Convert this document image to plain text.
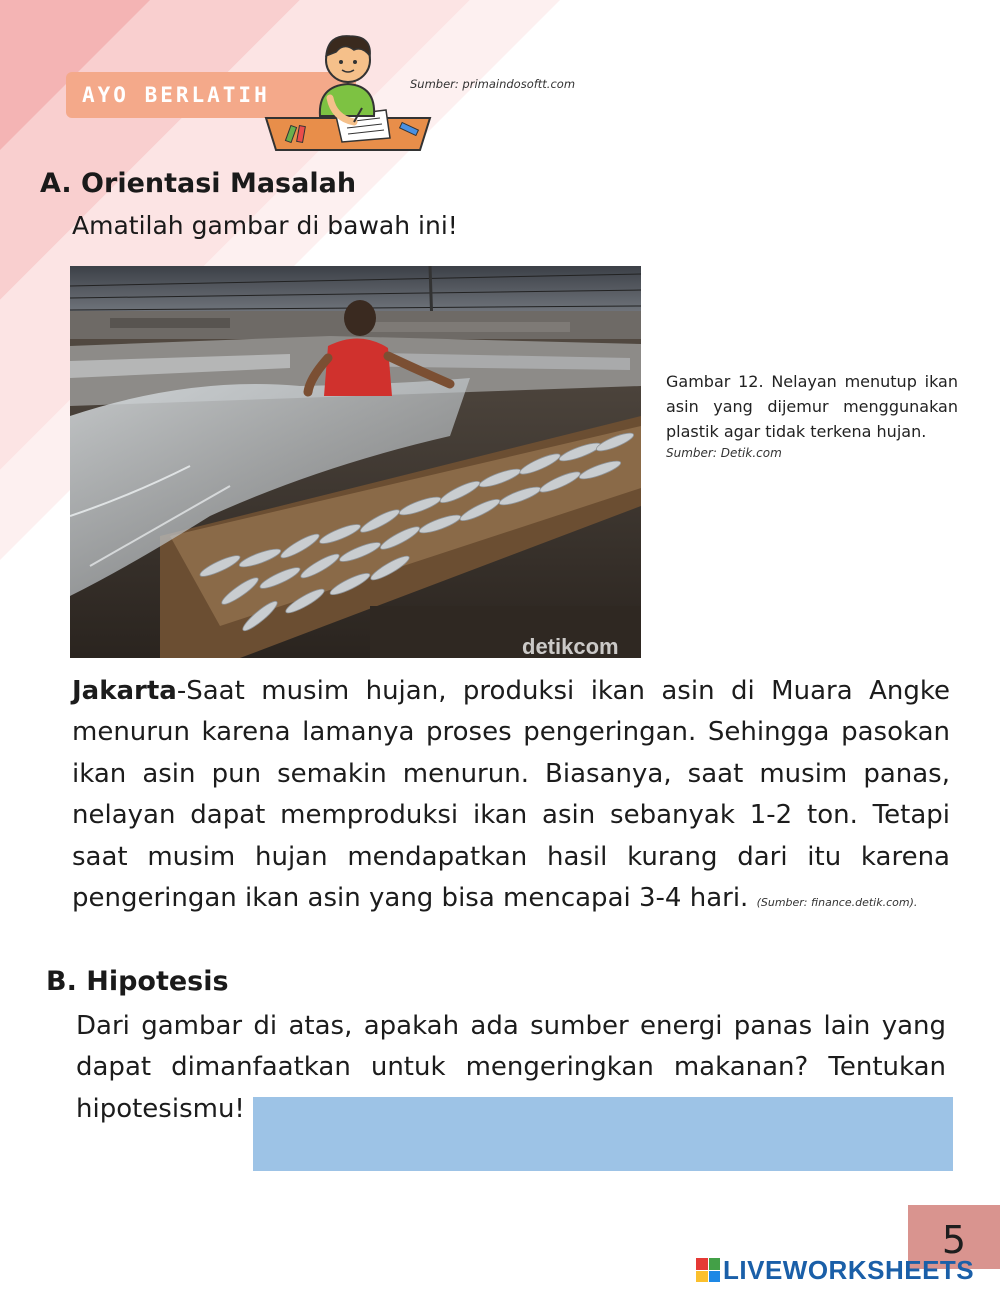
AYO BERLATIH	Sumber: primaindosoftt.com
A. Orientasi Masalah
Amatilah gambar di bawah ini!
detikcom
Gambar 12. Nelayan menutup ikan
asin yang dijemur menggunakan
plastik agar tidak terkena hujan.
Sumber: Detik.com

Jakarta-Saat musim hujan, produksi ikan asin di Muara Angke

menurun karena lamanya proses pengeringan. Sehingga pasokan

ikan asin pun semakin menurun. Biasanya, saat musim panas,

nelayan dapat memproduksi ikan asin sebanyak 1-2 ton. Tetapi

saat musim hujan mendapatkan hasil kurang dari itu karena

pengeringan ikan asin yang bisa mencapai 3-4 hari. (Sumber: finance.detik.com).

B. Hipotesis

Dari gambar di atas, apakah ada sumber energi panas lain yang

dapat dimanfaatkan untuk mengeringkan makanan? Tentukan

hipotesismu!

5
LIVEWORKSHEETS
